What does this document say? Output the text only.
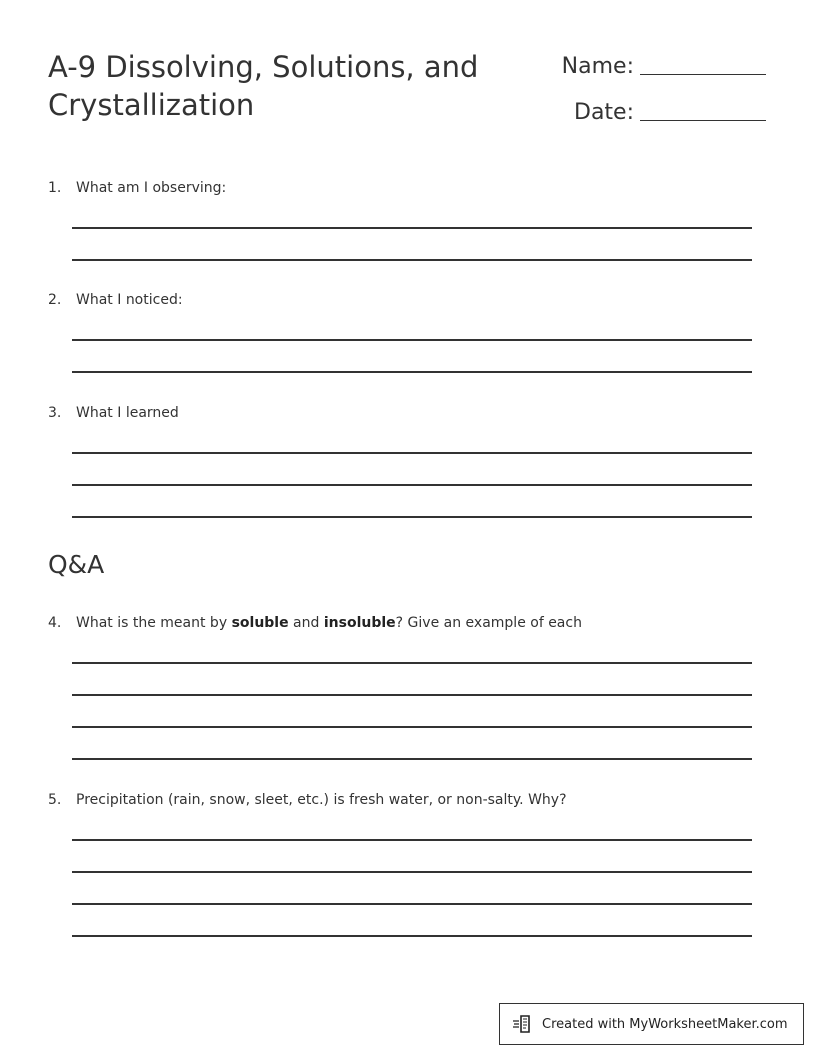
A-9 Dissolving, Solutions, and Crystallization
Name:
Date:
1.	What am I observing:
2.	What I noticed:
3.	What I learned
Q&A
4.	What is the meant by soluble and insoluble? Give an example of each
5.	Precipitation (rain, snow, sleet, etc.) is fresh water, or non-salty. Why?
Created with MyWorksheetMaker.com
